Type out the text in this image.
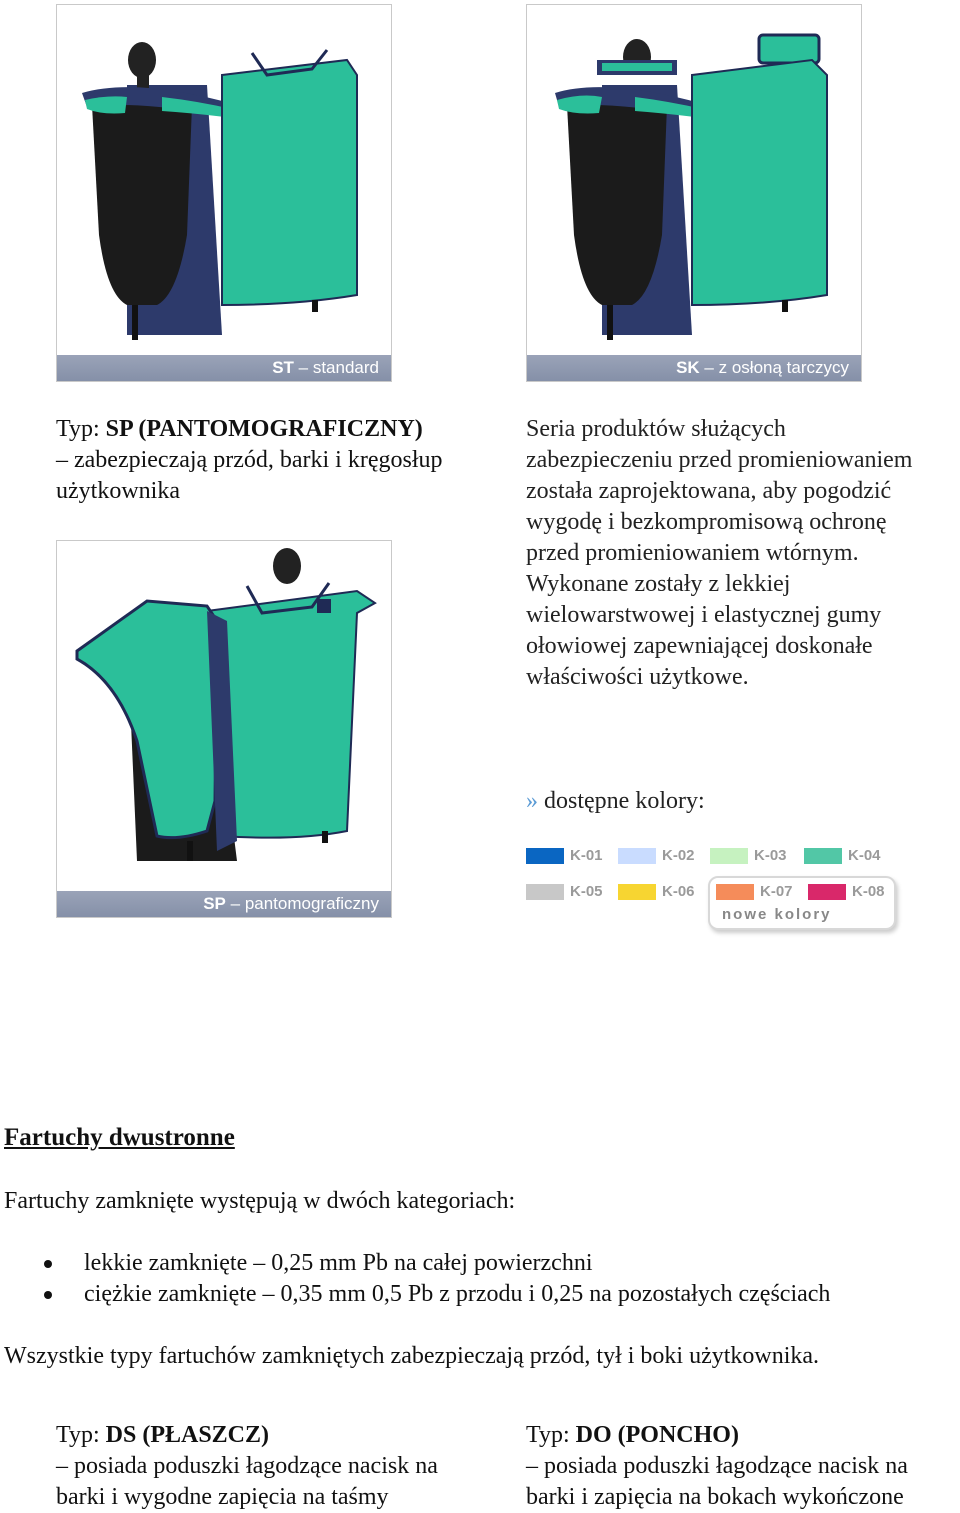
ST – standard	SK – z osłoną tarczycy
Typ: SP (PANTOMOGRAFICZNY)
– zabezpieczają przód, barki i kręgosłup
użytkownika
Seria produktów służących
zabezpieczeniu przed promieniowaniem
została zaprojektowana, aby pogodzić
wygodę i bezkompromisową ochronę
przed promieniowaniem wtórnym.
Wykonane zostały z lekkiej
wielowarstwowej i elastycznej gumy
ołowiowej zapewniającej doskonałe
właściwości użytkowe.
SP – pantomograficzny
» dostępne kolory:
nowe kolory
K-01	K-02	K-03	K-04
K-05	K-06	K-07	K-08
Fartuchy dwustronne
Fartuchy zamknięte występują w dwóch kategoriach:
lekkie zamknięte – 0,25 mm Pb na całej powierzchni
ciężkie zamknięte – 0,35 mm 0,5 Pb z przodu i 0,25 na pozostałych częściach
Wszystkie typy fartuchów zamkniętych zabezpieczają przód, tył i boki użytkownika.
Typ: DS (PŁASZCZ)
– posiada poduszki łagodzące nacisk na
barki i wygodne zapięcia na taśmy
Typ: DO (PONCHO)
– posiada poduszki łagodzące nacisk na
barki i zapięcia na bokach wykończone
